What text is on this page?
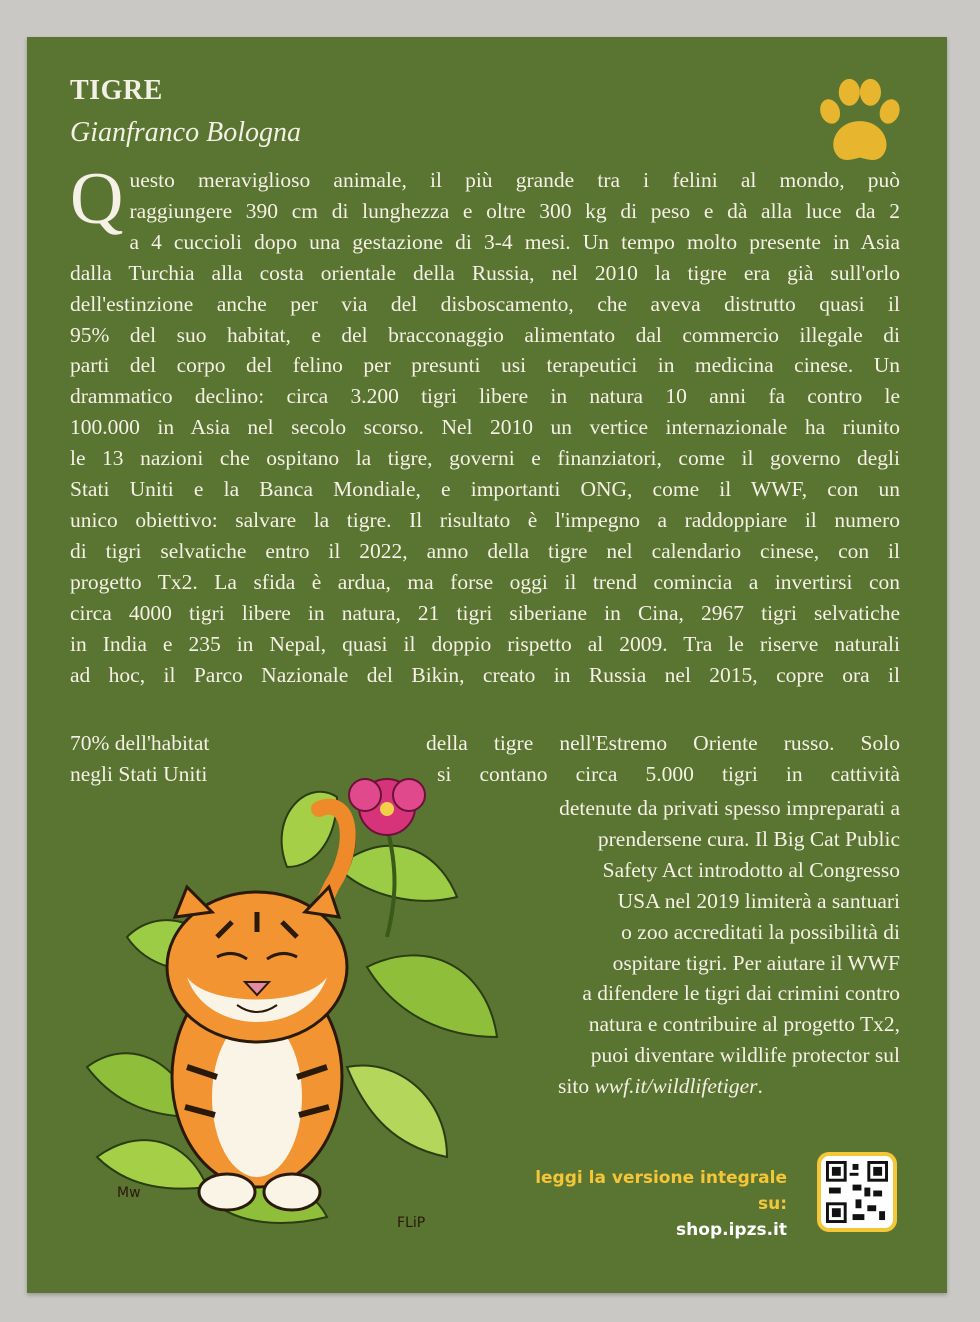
TIGRE
Gianfranco Bologna
Q uesto meraviglioso animale, il più grande tra i felini al mondo, può
raggiungere 390 cm di lunghezza e oltre 300 kg di peso e dà alla luce da 2
a 4 cuccioli dopo una gestazione di 3-4 mesi. Un tempo molto presente in Asia
dalla Turchia alla costa orientale della Russia, nel 2010 la tigre era già sull'orlo
dell'estinzione anche per via del disboscamento, che aveva distrutto quasi il
95% del suo habitat, e del bracconaggio alimentato dal commercio illegale di
parti del corpo del felino per presunti usi terapeutici in medicina cinese. Un
drammatico declino: circa 3.200 tigri libere in natura 10 anni fa contro le
100.000 in Asia nel secolo scorso. Nel 2010 un vertice internazionale ha riunito
le 13 nazioni che ospitano la tigre, governi e finanziatori, come il governo degli
Stati Uniti e la Banca Mondiale, e importanti ONG, come il WWF, con un
unico obiettivo: salvare la tigre. Il risultato è l'impegno a raddoppiare il numero
di tigri selvatiche entro il 2022, anno della tigre nel calendario cinese, con il
progetto Tx2. La sfida è ardua, ma forse oggi il trend comincia a invertirsi con
circa 4000 tigri libere in natura, 21 tigri siberiane in Cina, 2967 tigri selvatiche
in India e 235 in Nepal, quasi il doppio rispetto al 2009. Tra le riserve naturali
ad hoc, il Parco Nazionale del Bikin, creato in Russia nel 2015, copre ora il
70% dell'habitat	della tigre nell'Estremo Oriente russo. Solo
negli Stati Uniti	si contano circa 5.000 tigri in cattività
detenute da privati spesso impreparati a
prendersene cura. Il Big Cat Public
Safety Act introdotto al Congresso
USA nel 2019 limiterà a santuari
o zoo accreditati la possibilità di
ospitare tigri. Per aiutare il WWF
a difendere le tigri dai crimini contro
natura e contribuire al progetto Tx2,
puoi diventare wildlife protector sul
sito wwf.it/wildlifetiger.
Mw
FLiP
leggi la versione integrale su:
shop.ipzs.it
